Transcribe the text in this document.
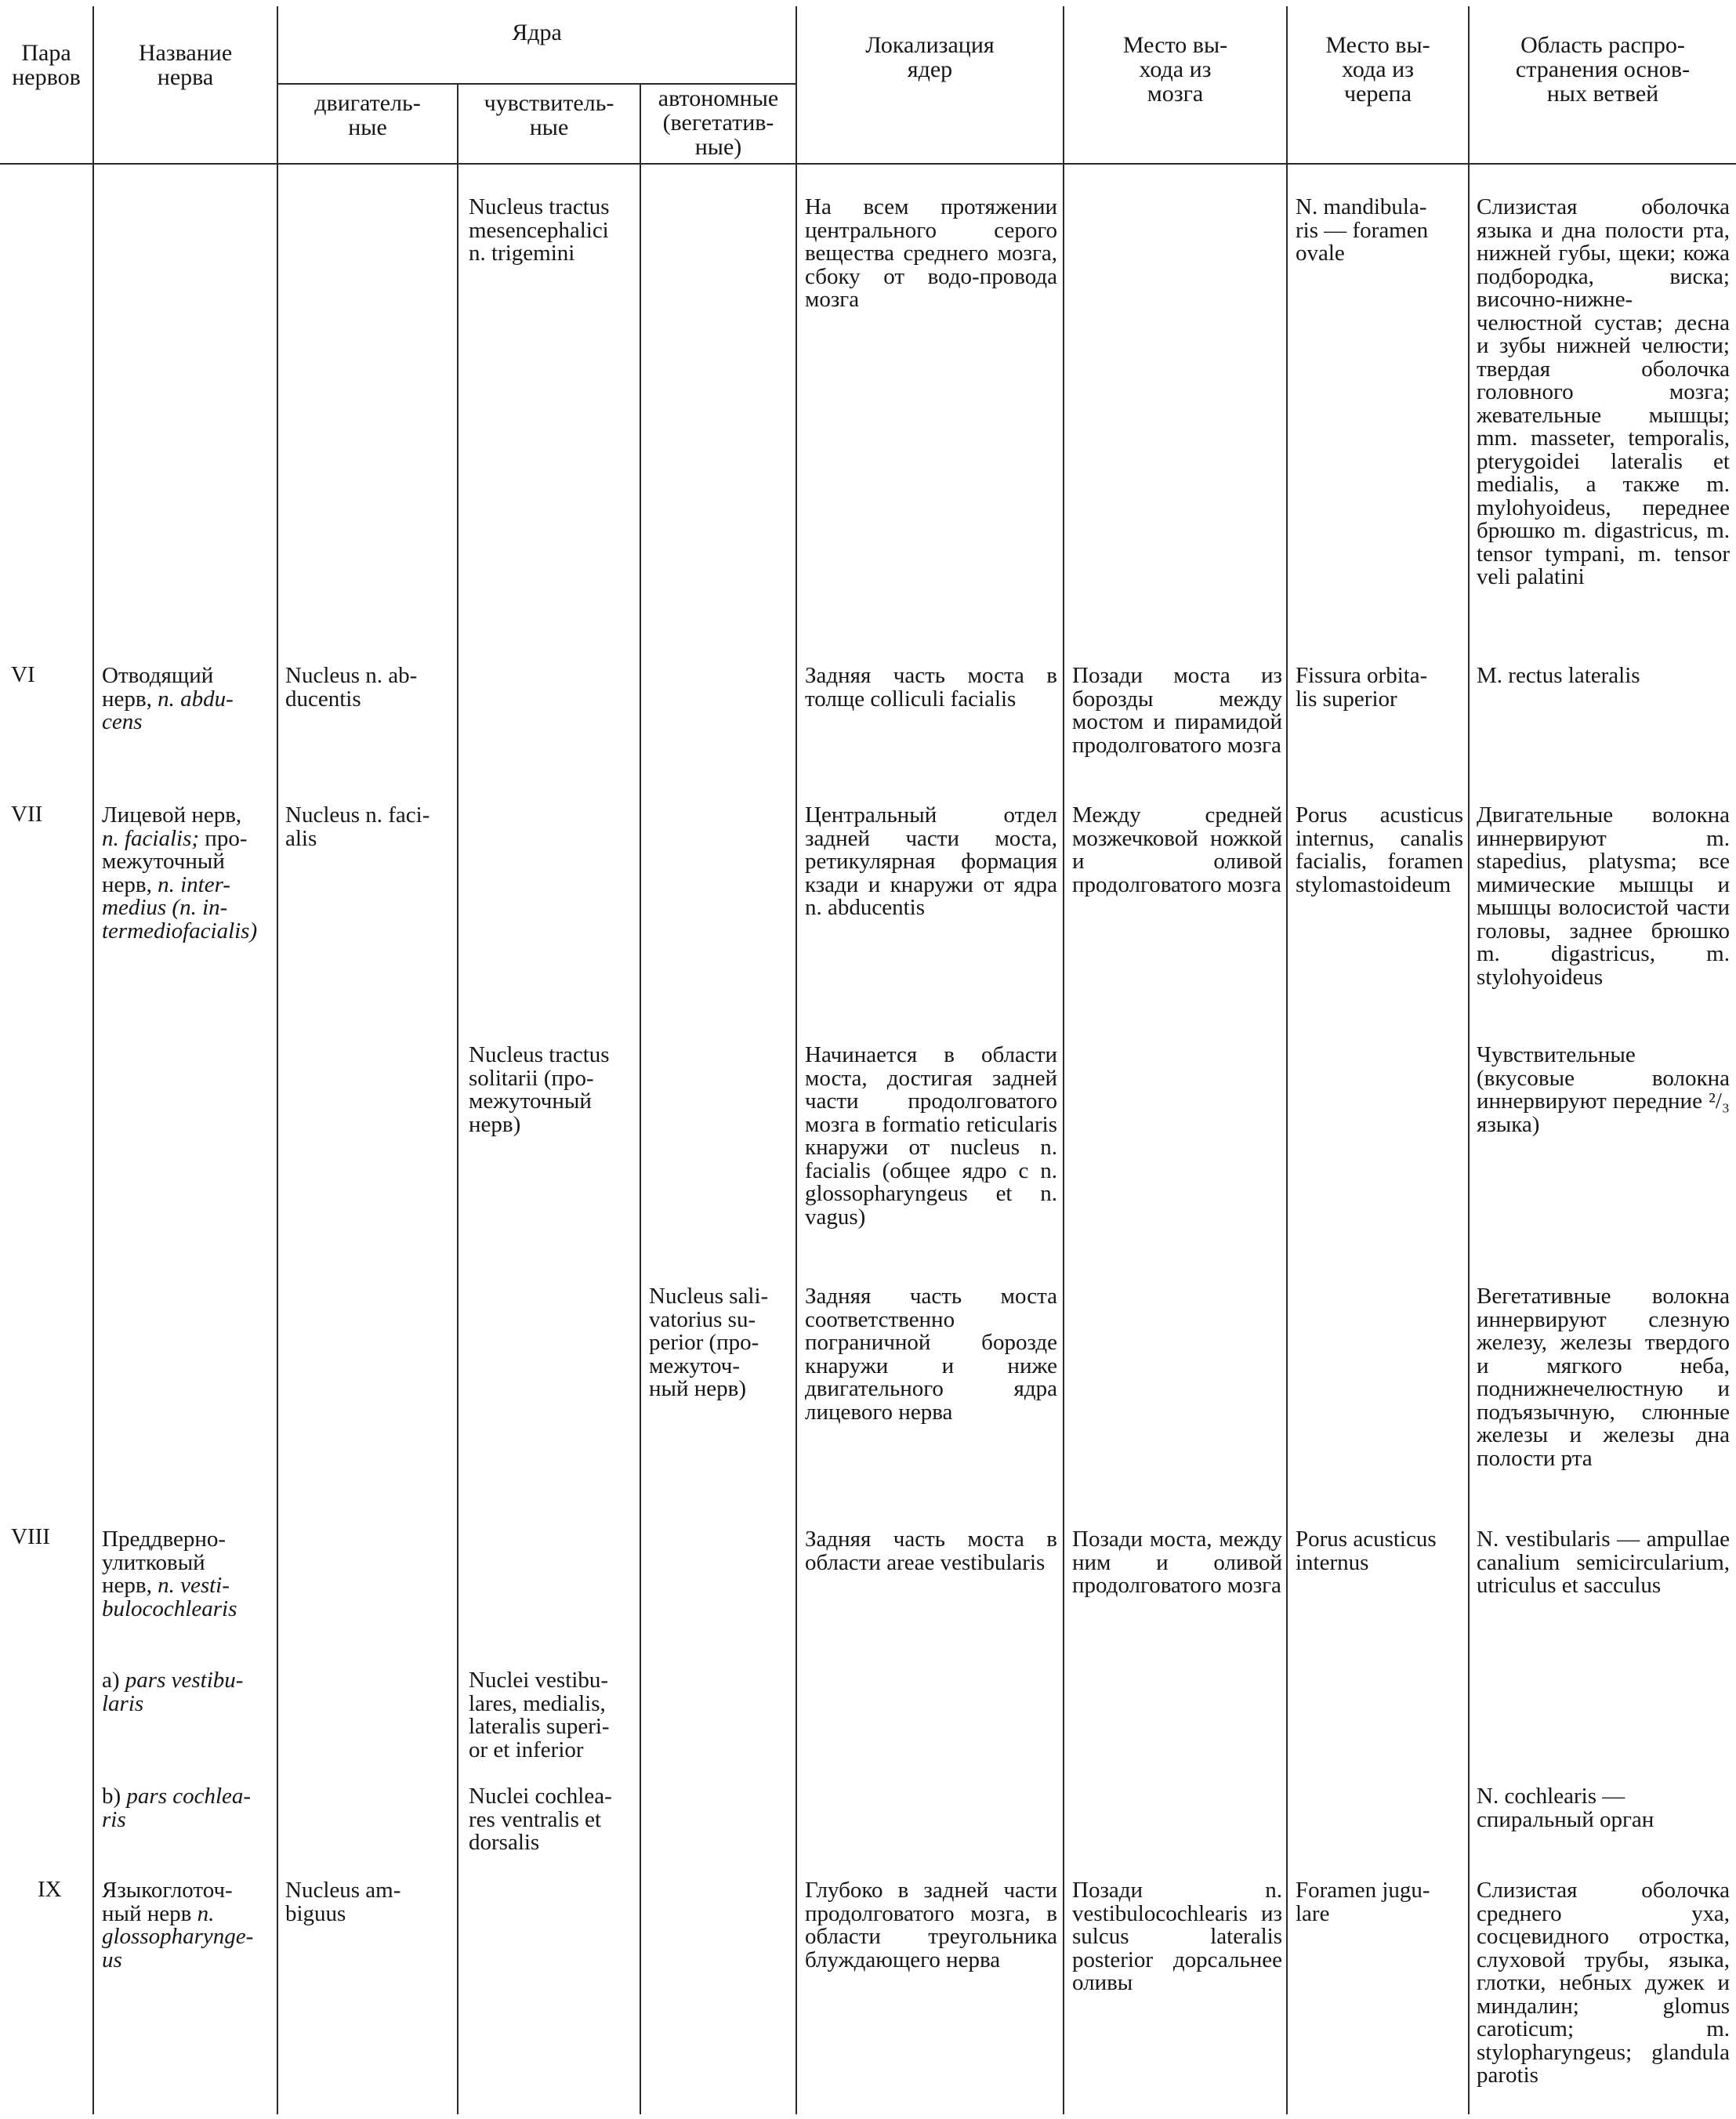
Пара
нервов
Название
нерва
Ядра
двигатель-
ные
чувствитель-
ные
автономные
(вегетатив-
ные)
Локализация
ядер
Место вы-
хода из
мозга
Место вы-
хода из
черепа
Область распро-
странения основ-
ных ветвей
Nucleus tractus
mesencephalici
n. trigemini
На всем протяжении центрального серого вещества среднего мозга, сбоку от водо-провода мозга
N. mandibula-
ris — foramen
ovale
Слизистая оболочка языка и дна полости рта, нижней губы, щеки; кожа подбородка, виска; височно-нижне-челюстной сустав; десна и зубы нижней челюсти; твердая оболочка головного мозга; жевательные мышцы; mm. masseter, temporalis, pterygoidei lateralis et medialis, а также m. mylohyoideus, переднее брюшко m. digastricus, m. tensor tympani, m. tensor veli palatini
VI	Отводящий
нерв, n. abdu-
cens
Nucleus n. ab-
ducentis
Задняя часть моста в толще colliculi facialis
Позади моста из борозды между мостом и пирамидой продолговатого мозга
Fissura orbita-
lis superior
M. rectus lateralis
VII	Лицевой нерв,
n. facialis; про-
межуточный
нерв, n. inter-
medius (n. in-
termediofacialis)
Nucleus n. faci-
alis
Центральный отдел задней части моста, ретикулярная формация кзади и кнаружи от ядра n. abducentis
Между средней мозжечковой ножкой и оливой продолговатого мозга
Porus acusticus internus, canalis facialis, foramen stylomastoideum
Двигательные волокна иннервируют m. stapedius, platysma; все мимические мышцы и мышцы волосистой части головы, заднее брюшко m. digastricus, m. stylohyoideus
Nucleus tractus
solitarii (про-
межуточный
нерв)
Начинается в области моста, достигая задней части продолговатого мозга в formatio reticularis кнаружи от nucleus n. facialis (общее ядро с n. glossopharyngeus et n. vagus)
Чувствительные (вкусовые волокна иннервируют передние ²/₃ языка)
Nucleus sali-
vatorius su-
perior (про-
межуточ-
ный нерв)
Задняя часть моста соответственно пограничной борозде кнаружи и ниже двигательного ядра лицевого нерва
Вегетативные волокна иннервируют слезную железу, железы твердого и мягкого неба, поднижнечелюстную и подъязычную, слюнные железы и железы дна полости рта
VIII Преддверно-
улитковый
нерв, n. vesti-
bulocochlearis
Задняя часть моста в области areae vestibularis
Позади моста, между ним и оливой продолговатого мозга
Porus acusticus
internus
N. vestibularis — ampullae canalium semicircularium, utriculus et sacculus
a) pars vestibu-
laris
Nuclei vestibu-
lares, medialis,
lateralis superi-
or et inferior
b) pars cochlea-
ris
Nuclei cochlea-
res ventralis et
dorsalis
N. cochlearis —
спиральный орган
IX Языкоглоточ-
ный нерв n.
glossopharynge-
us
Nucleus am-
biguus
Глубоко в задней части продолговатого мозга, в области треугольника блуждающего нерва
Позади n. vestibulocochlearis из sulcus lateralis posterior дорсальнее оливы
Foramen jugu-
lare
Слизистая оболочка среднего уха, сосцевидного отростка, слуховой трубы, языка, глотки, небных дужек и миндалин; glomus caroticum; m. stylopharyngeus; glandula parotis
